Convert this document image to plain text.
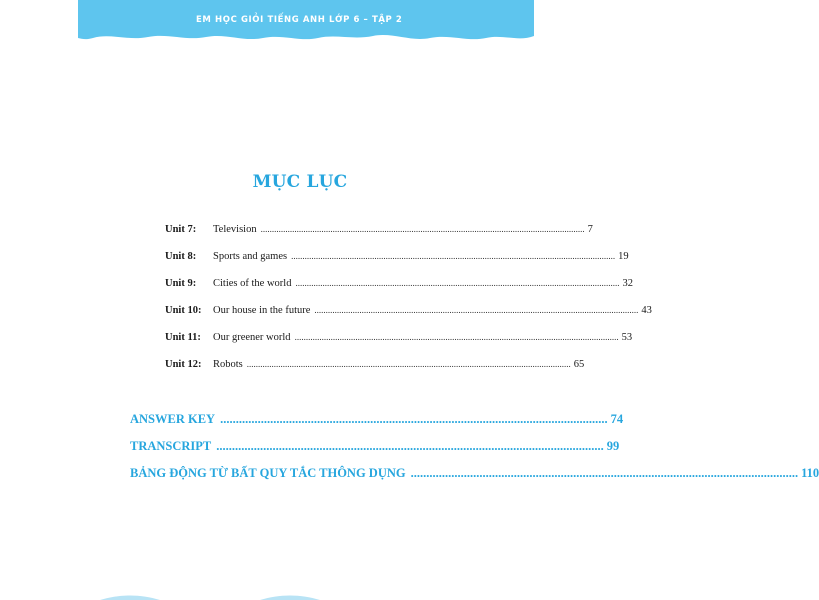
EM HỌC GIỎI TIẾNG ANH LỚP 6 – TẬP 2
MỤC LỤC
Unit 7:	Television ................................................................................................................................................ 7
Unit 8:	Sports and games ................................................................................................................................................ 19
Unit 9:	Cities of the world ................................................................................................................................................ 32
Unit 10:	Our house in the future ................................................................................................................................................ 43
Unit 11:	Our greener world ................................................................................................................................................ 53
Unit 12:	Robots ................................................................................................................................................ 65
ANSWER KEY ............................................................................................................................ 74
TRANSCRIPT ............................................................................................................................ 99
BẢNG ĐỘNG TỪ BẤT QUY TẮC THÔNG DỤNG ............................................................................................................................ 110
